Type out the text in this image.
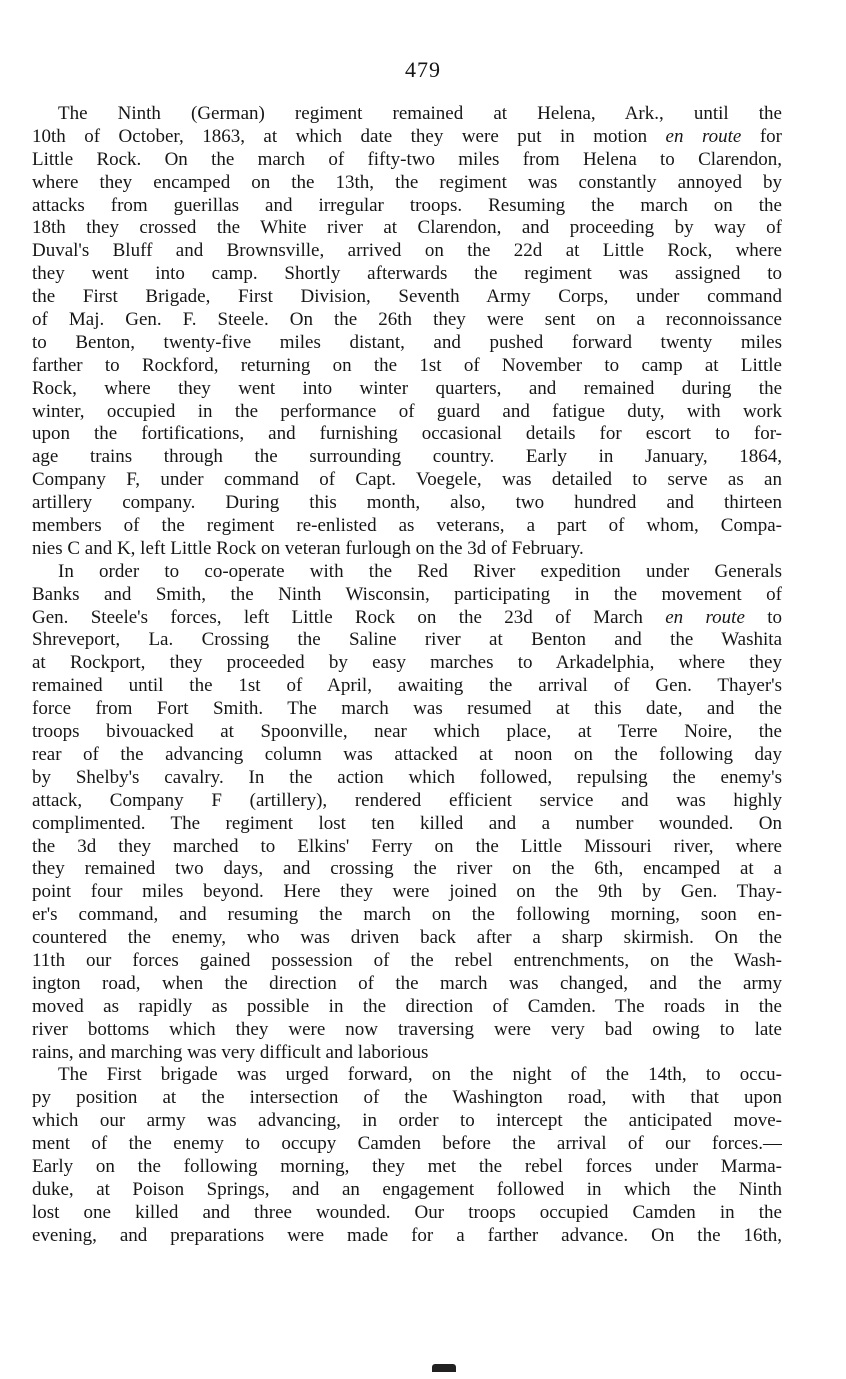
479
The Ninth (German) regiment remained at Helena, Ark., until the
10th of October, 1863, at which date they were put in motion en route for
Little Rock. On the march of fifty-two miles from Helena to Clarendon,
where they encamped on the 13th, the regiment was constantly annoyed by
attacks from guerillas and irregular troops. Resuming the march on the
18th they crossed the White river at Clarendon, and proceeding by way of
Duval's Bluff and Brownsville, arrived on the 22d at Little Rock, where
they went into camp. Shortly afterwards the regiment was assigned to
the First Brigade, First Division, Seventh Army Corps, under command
of Maj. Gen. F. Steele. On the 26th they were sent on a reconnoissance
to Benton, twenty-five miles distant, and pushed forward twenty miles
farther to Rockford, returning on the 1st of November to camp at Little
Rock, where they went into winter quarters, and remained during the
winter, occupied in the performance of guard and fatigue duty, with work
upon the fortifications, and furnishing occasional details for escort to for-
age trains through the surrounding country. Early in January, 1864,
Company F, under command of Capt. Voegele, was detailed to serve as an
artillery company. During this month, also, two hundred and thirteen
members of the regiment re-enlisted as veterans, a part of whom, Compa-
nies C and K, left Little Rock on veteran furlough on the 3d of February.
In order to co-operate with the Red River expedition under Generals
Banks and Smith, the Ninth Wisconsin, participating in the movement of
Gen. Steele's forces, left Little Rock on the 23d of March en route to
Shreveport, La. Crossing the Saline river at Benton and the Washita
at Rockport, they proceeded by easy marches to Arkadelphia, where they
remained until the 1st of April, awaiting the arrival of Gen. Thayer's
force from Fort Smith. The march was resumed at this date, and the
troops bivouacked at Spoonville, near which place, at Terre Noire, the
rear of the advancing column was attacked at noon on the following day
by Shelby's cavalry. In the action which followed, repulsing the enemy's
attack, Company F (artillery), rendered efficient service and was highly
complimented. The regiment lost ten killed and a number wounded. On
the 3d they marched to Elkins' Ferry on the Little Missouri river, where
they remained two days, and crossing the river on the 6th, encamped at a
point four miles beyond. Here they were joined on the 9th by Gen. Thay-
er's command, and resuming the march on the following morning, soon en-
countered the enemy, who was driven back after a sharp skirmish. On the
11th our forces gained possession of the rebel entrenchments, on the Wash-
ington road, when the direction of the march was changed, and the army
moved as rapidly as possible in the direction of Camden. The roads in the
river bottoms which they were now traversing were very bad owing to late
rains, and marching was very difficult and laborious
The First brigade was urged forward, on the night of the 14th, to occu-
py position at the intersection of the Washington road, with that upon
which our army was advancing, in order to intercept the anticipated move-
ment of the enemy to occupy Camden before the arrival of our forces.—
Early on the following morning, they met the rebel forces under Marma-
duke, at Poison Springs, and an engagement followed in which the Ninth
lost one killed and three wounded. Our troops occupied Camden in the
evening, and preparations were made for a farther advance. On the 16th,
